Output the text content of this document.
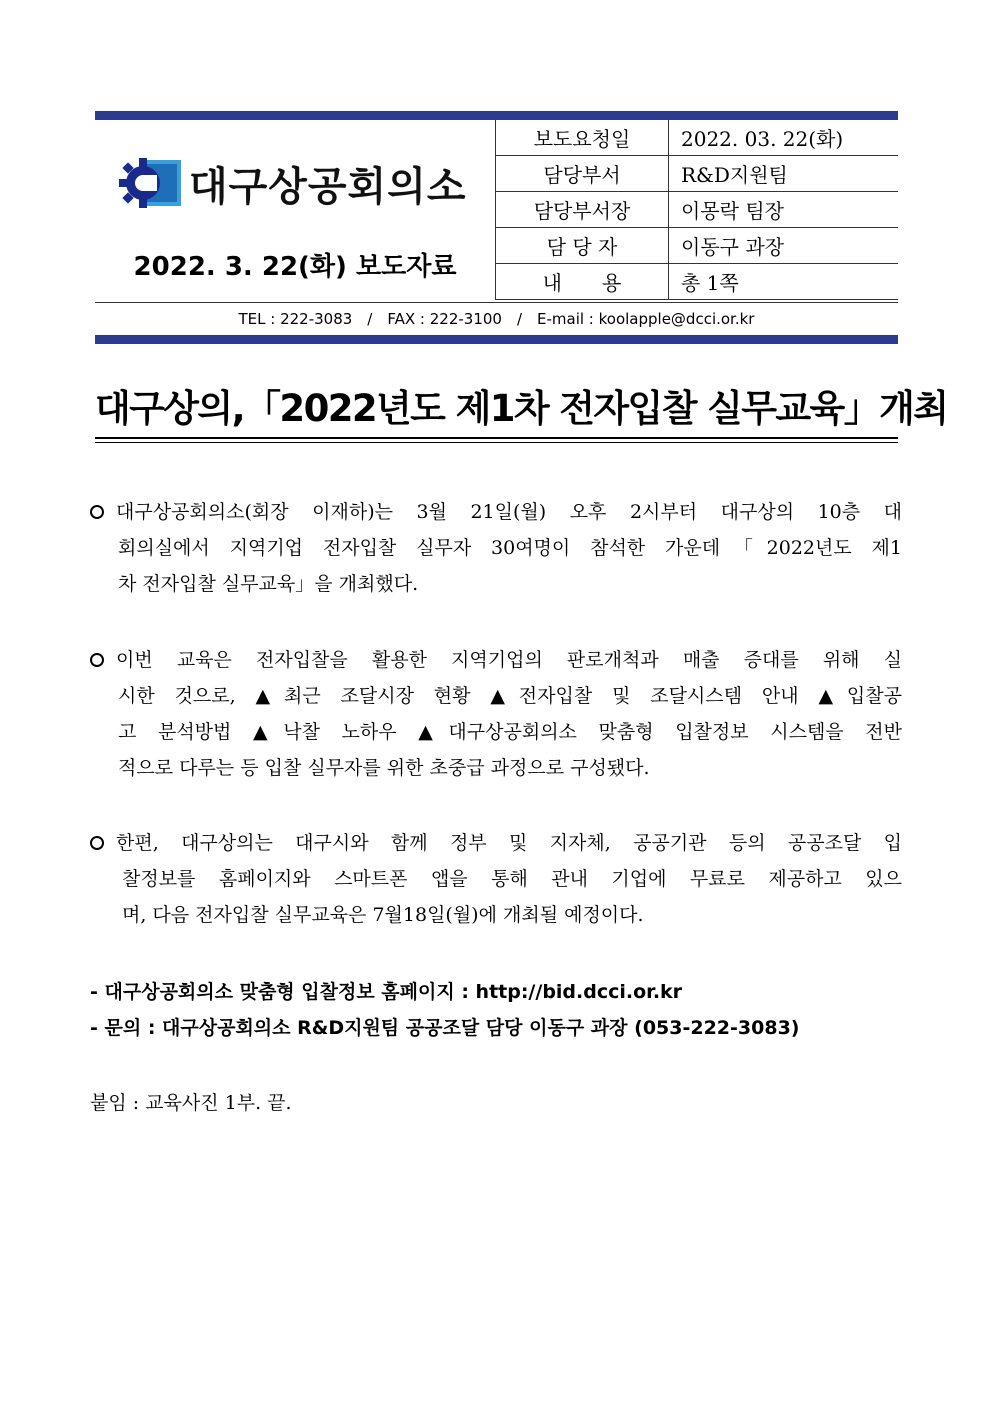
대구상공회의소
2022. 3. 22(화) 보도자료
보도요청일	2022. 03. 22(화)
담당부서	R&D지원팀
담당부서장	이몽락 팀장
담 당 자	이동구 과장
내　　용	총 1쪽
TEL : 222-3083　/　FAX : 222-3100　/　E-mail : koolapple@dcci.or.kr
대구상의,「2022년도 제1차 전자입찰 실무교육」개최
대구상공회의소(회장 이재하)는 3월 21일(월) 오후 2시부터 대구상의 10층 대
회의실에서 지역기업 전자입찰 실무자 30여명이 참석한 가운데「2022년도 제1
차 전자입찰 실무교육」을 개최했다.
이번 교육은 전자입찰을 활용한 지역기업의 판로개척과 매출 증대를 위해 실
시한 것으로, ▲최근 조달시장 현황 ▲전자입찰 및 조달시스템 안내 ▲입찰공
고 분석방법 ▲낙찰 노하우 ▲대구상공회의소 맞춤형 입찰정보 시스템을 전반
적으로 다루는 등 입찰 실무자를 위한 초중급 과정으로 구성됐다.
한편, 대구상의는 대구시와 함께 정부 및 지자체, 공공기관 등의 공공조달 입
찰정보를 홈페이지와 스마트폰 앱을 통해 관내 기업에 무료로 제공하고 있으
며, 다음 전자입찰 실무교육은 7월18일(월)에 개최될 예정이다.
- 대구상공회의소 맞춤형 입찰정보 홈페이지 : http://bid.dcci.or.kr
- 문의 : 대구상공회의소 R&D지원팀 공공조달 담당 이동구 과장 (053-222-3083)
붙임 : 교육사진 1부. 끝.
